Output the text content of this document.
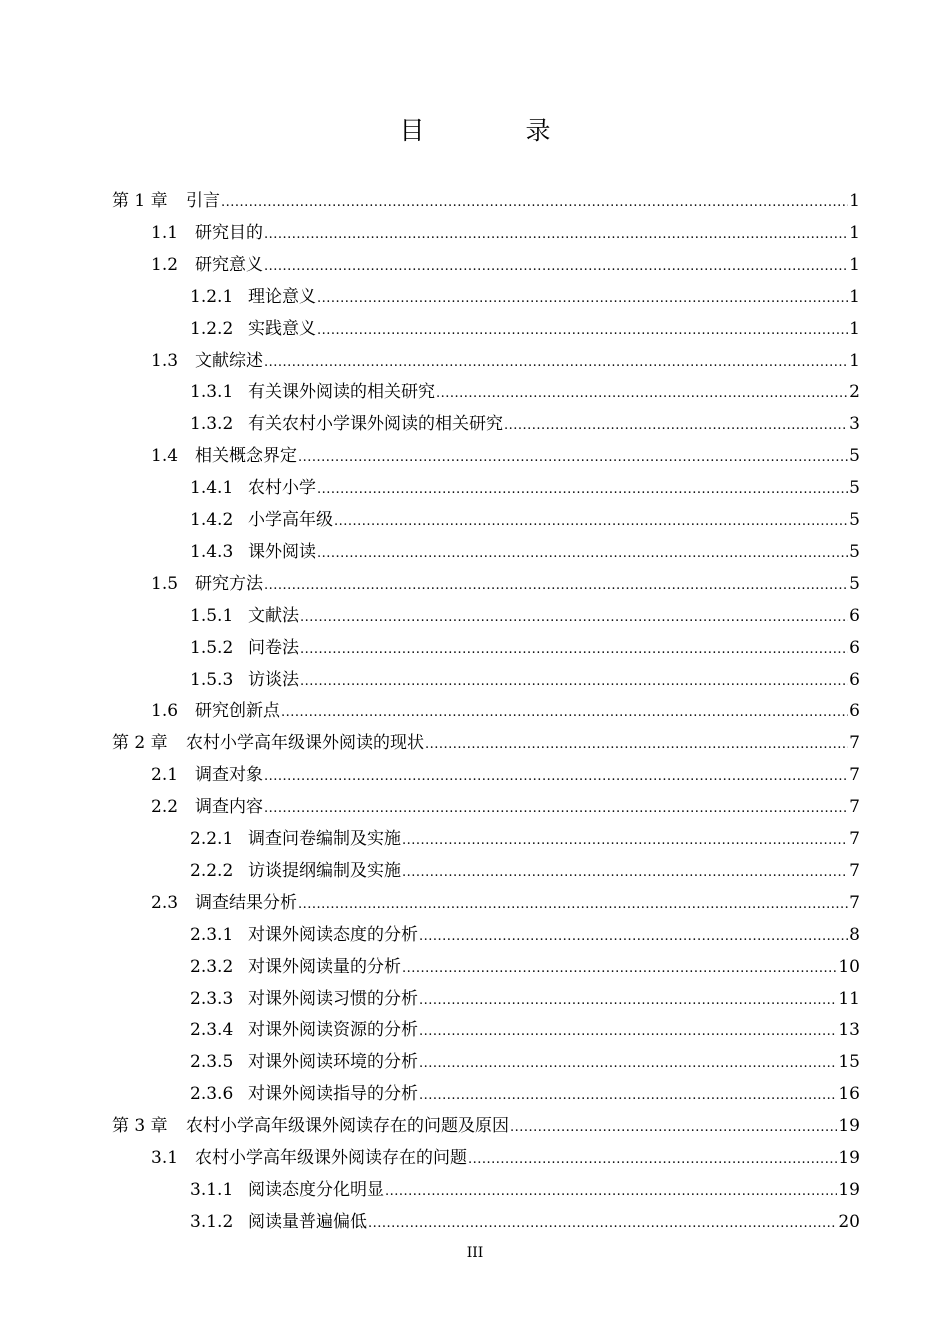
目　录
第 1 章	引言 .....	1
1.1 研究目的 .....	1
1.2 研究意义 .....	1
1.2.1 理论意义 .....	1
1.2.2 实践意义 .....	1
1.3 文献综述 .....	1
1.3.1 有关课外阅读的相关研究 .....	2
1.3.2 有关农村小学课外阅读的相关研究 .....	3
1.4 相关概念界定 .....	5
1.4.1 农村小学 .....	5
1.4.2 小学高年级 .....	5
1.4.3 课外阅读 .....	5
1.5 研究方法 .....	5
1.5.1 文献法 .....	6
1.5.2 问卷法 .....	6
1.5.3 访谈法 .....	6
1.6 研究创新点 .....	6
第 2 章	农村小学高年级课外阅读的现状 .....	7
2.1 调查对象 .....	7
2.2 调查内容 .....	7
2.2.1 调查问卷编制及实施 .....	7
2.2.2 访谈提纲编制及实施 .....	7
2.3 调查结果分析 .....	7
2.3.1 对课外阅读态度的分析 .....	8
2.3.2 对课外阅读量的分析 .....	10
2.3.3 对课外阅读习惯的分析 .....	11
2.3.4 对课外阅读资源的分析 .....	13
2.3.5 对课外阅读环境的分析 .....	15
2.3.6 对课外阅读指导的分析 .....	16
第 3 章	农村小学高年级课外阅读存在的问题及原因 .....	19
3.1 农村小学高年级课外阅读存在的问题 .....	19
3.1.1 阅读态度分化明显 .....	19
3.1.2 阅读量普遍偏低 .....	20
III
